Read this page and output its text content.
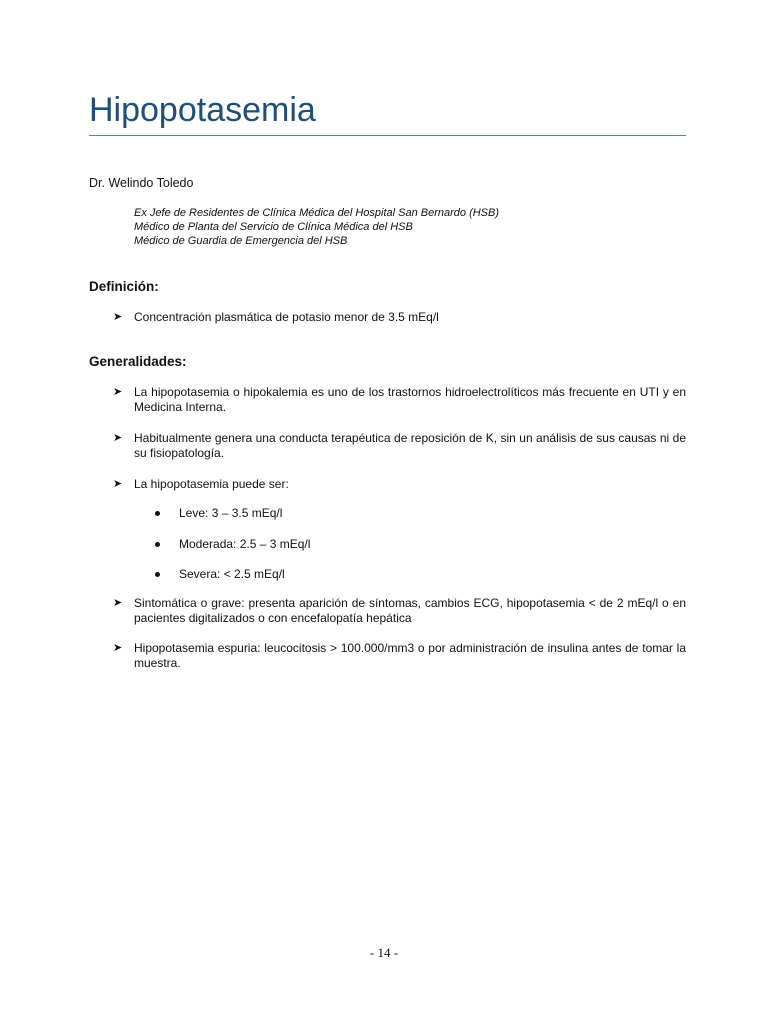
Hipopotasemia
Dr. Welindo Toledo
Ex Jefe de Residentes de Clínica Médica del Hospital San Bernardo (HSB)
Médico de Planta del Servicio de Clínica Médica del HSB
Médico de Guardia de Emergencia del HSB
Definición:
➤ Concentración plasmática de potasio menor de 3.5 mEq/l
Generalidades:
➤ La hipopotasemia o hipokalemia es uno de los trastornos hidroelectrolíticos más frecuente en UTI y en Medicina Interna.
➤ Habitualmente genera una conducta terapéutica de reposición de K, sin un análisis de sus causas ni de su fisiopatología.
➤ La hipopotasemia puede ser:
Leve: 3 – 3.5 mEq/l
Moderada: 2.5 – 3 mEq/l
Severa: < 2.5 mEq/l
➤ Sintomática o grave: presenta aparición de síntomas, cambios ECG, hipopotasemia < de 2 mEq/l o en pacientes digitalizados o con encefalopatía hepática
➤ Hipopotasemia espuria: leucocitosis > 100.000/mm3 o por administración de insulina antes de tomar la muestra.
- 14 -
